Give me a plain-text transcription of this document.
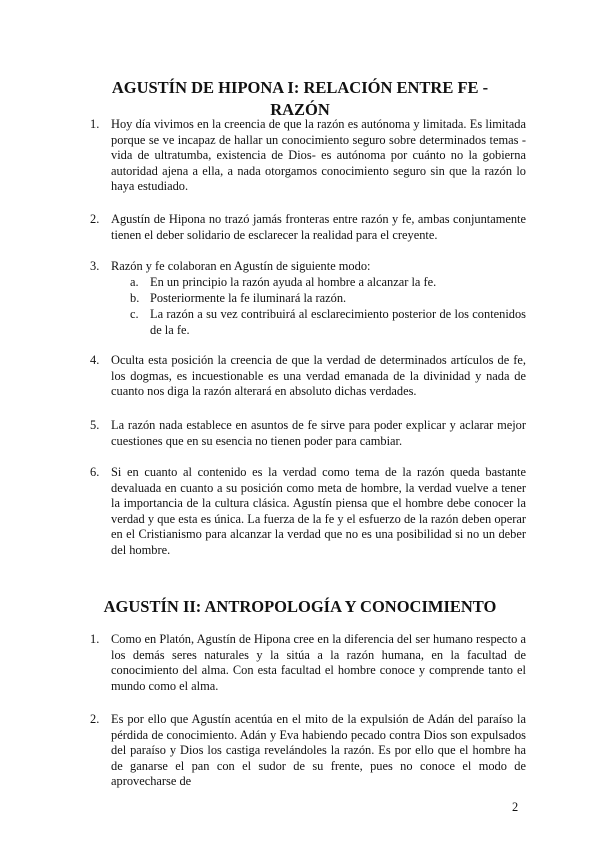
AGUSTÍN DE HIPONA I: RELACIÓN ENTRE FE -
RAZÓN
1. Hoy día vivimos en la creencia de que la razón es autónoma y limitada. Es limitada porque se ve incapaz de hallar un conocimiento seguro sobre determinados temas -vida de ultratumba, existencia de Dios- es autónoma por cuánto no la gobierna autoridad ajena a ella, a nada otorgamos conocimiento seguro sin que la razón lo haya estudiado.
2. Agustín de Hipona no trazó jamás fronteras entre razón y fe, ambas conjuntamente tienen el deber solidario de esclarecer la realidad para el creyente.
3. Razón y fe colaboran en Agustín de siguiente modo:
a. En un principio la razón ayuda al hombre a alcanzar la fe.
b. Posteriormente la fe iluminará la razón.
c. La razón a su vez contribuirá al esclarecimiento posterior de los contenidos de la fe.
4. Oculta esta posición la creencia de que la verdad de determinados artículos de fe, los dogmas, es incuestionable es una verdad emanada de la divinidad y nada de cuanto nos diga la razón alterará en absoluto dichas verdades.
5. La razón nada establece en asuntos de fe sirve para poder explicar y aclarar mejor cuestiones que en su esencia no tienen poder para cambiar.
6. Si en cuanto al contenido es la verdad como tema de la razón queda bastante devaluada en cuanto a su posición como meta de hombre, la verdad vuelve a tener la importancia de la cultura clásica. Agustín piensa que el hombre debe conocer la verdad y que esta es única. La fuerza de la fe y el esfuerzo de la razón deben operar en el Cristianismo para alcanzar la verdad que no es una posibilidad si no un deber del hombre.
AGUSTÍN II: ANTROPOLOGÍA Y CONOCIMIENTO
1. Como en Platón, Agustín de Hipona cree en la diferencia del ser humano respecto a los demás seres naturales y la sitúa a la razón humana, en la facultad de conocimiento del alma. Con esta facultad el hombre conoce y comprende tanto el mundo como el alma.
2. Es por ello que Agustín acentúa en el mito de la expulsión de Adán del paraíso la pérdida de conocimiento. Adán y Eva habiendo pecado contra Dios son expulsados del paraíso y Dios los castiga revelándoles la razón. Es por ello que el hombre ha de ganarse el pan con el sudor de su frente, pues no conoce el modo de aprovecharse de
2
